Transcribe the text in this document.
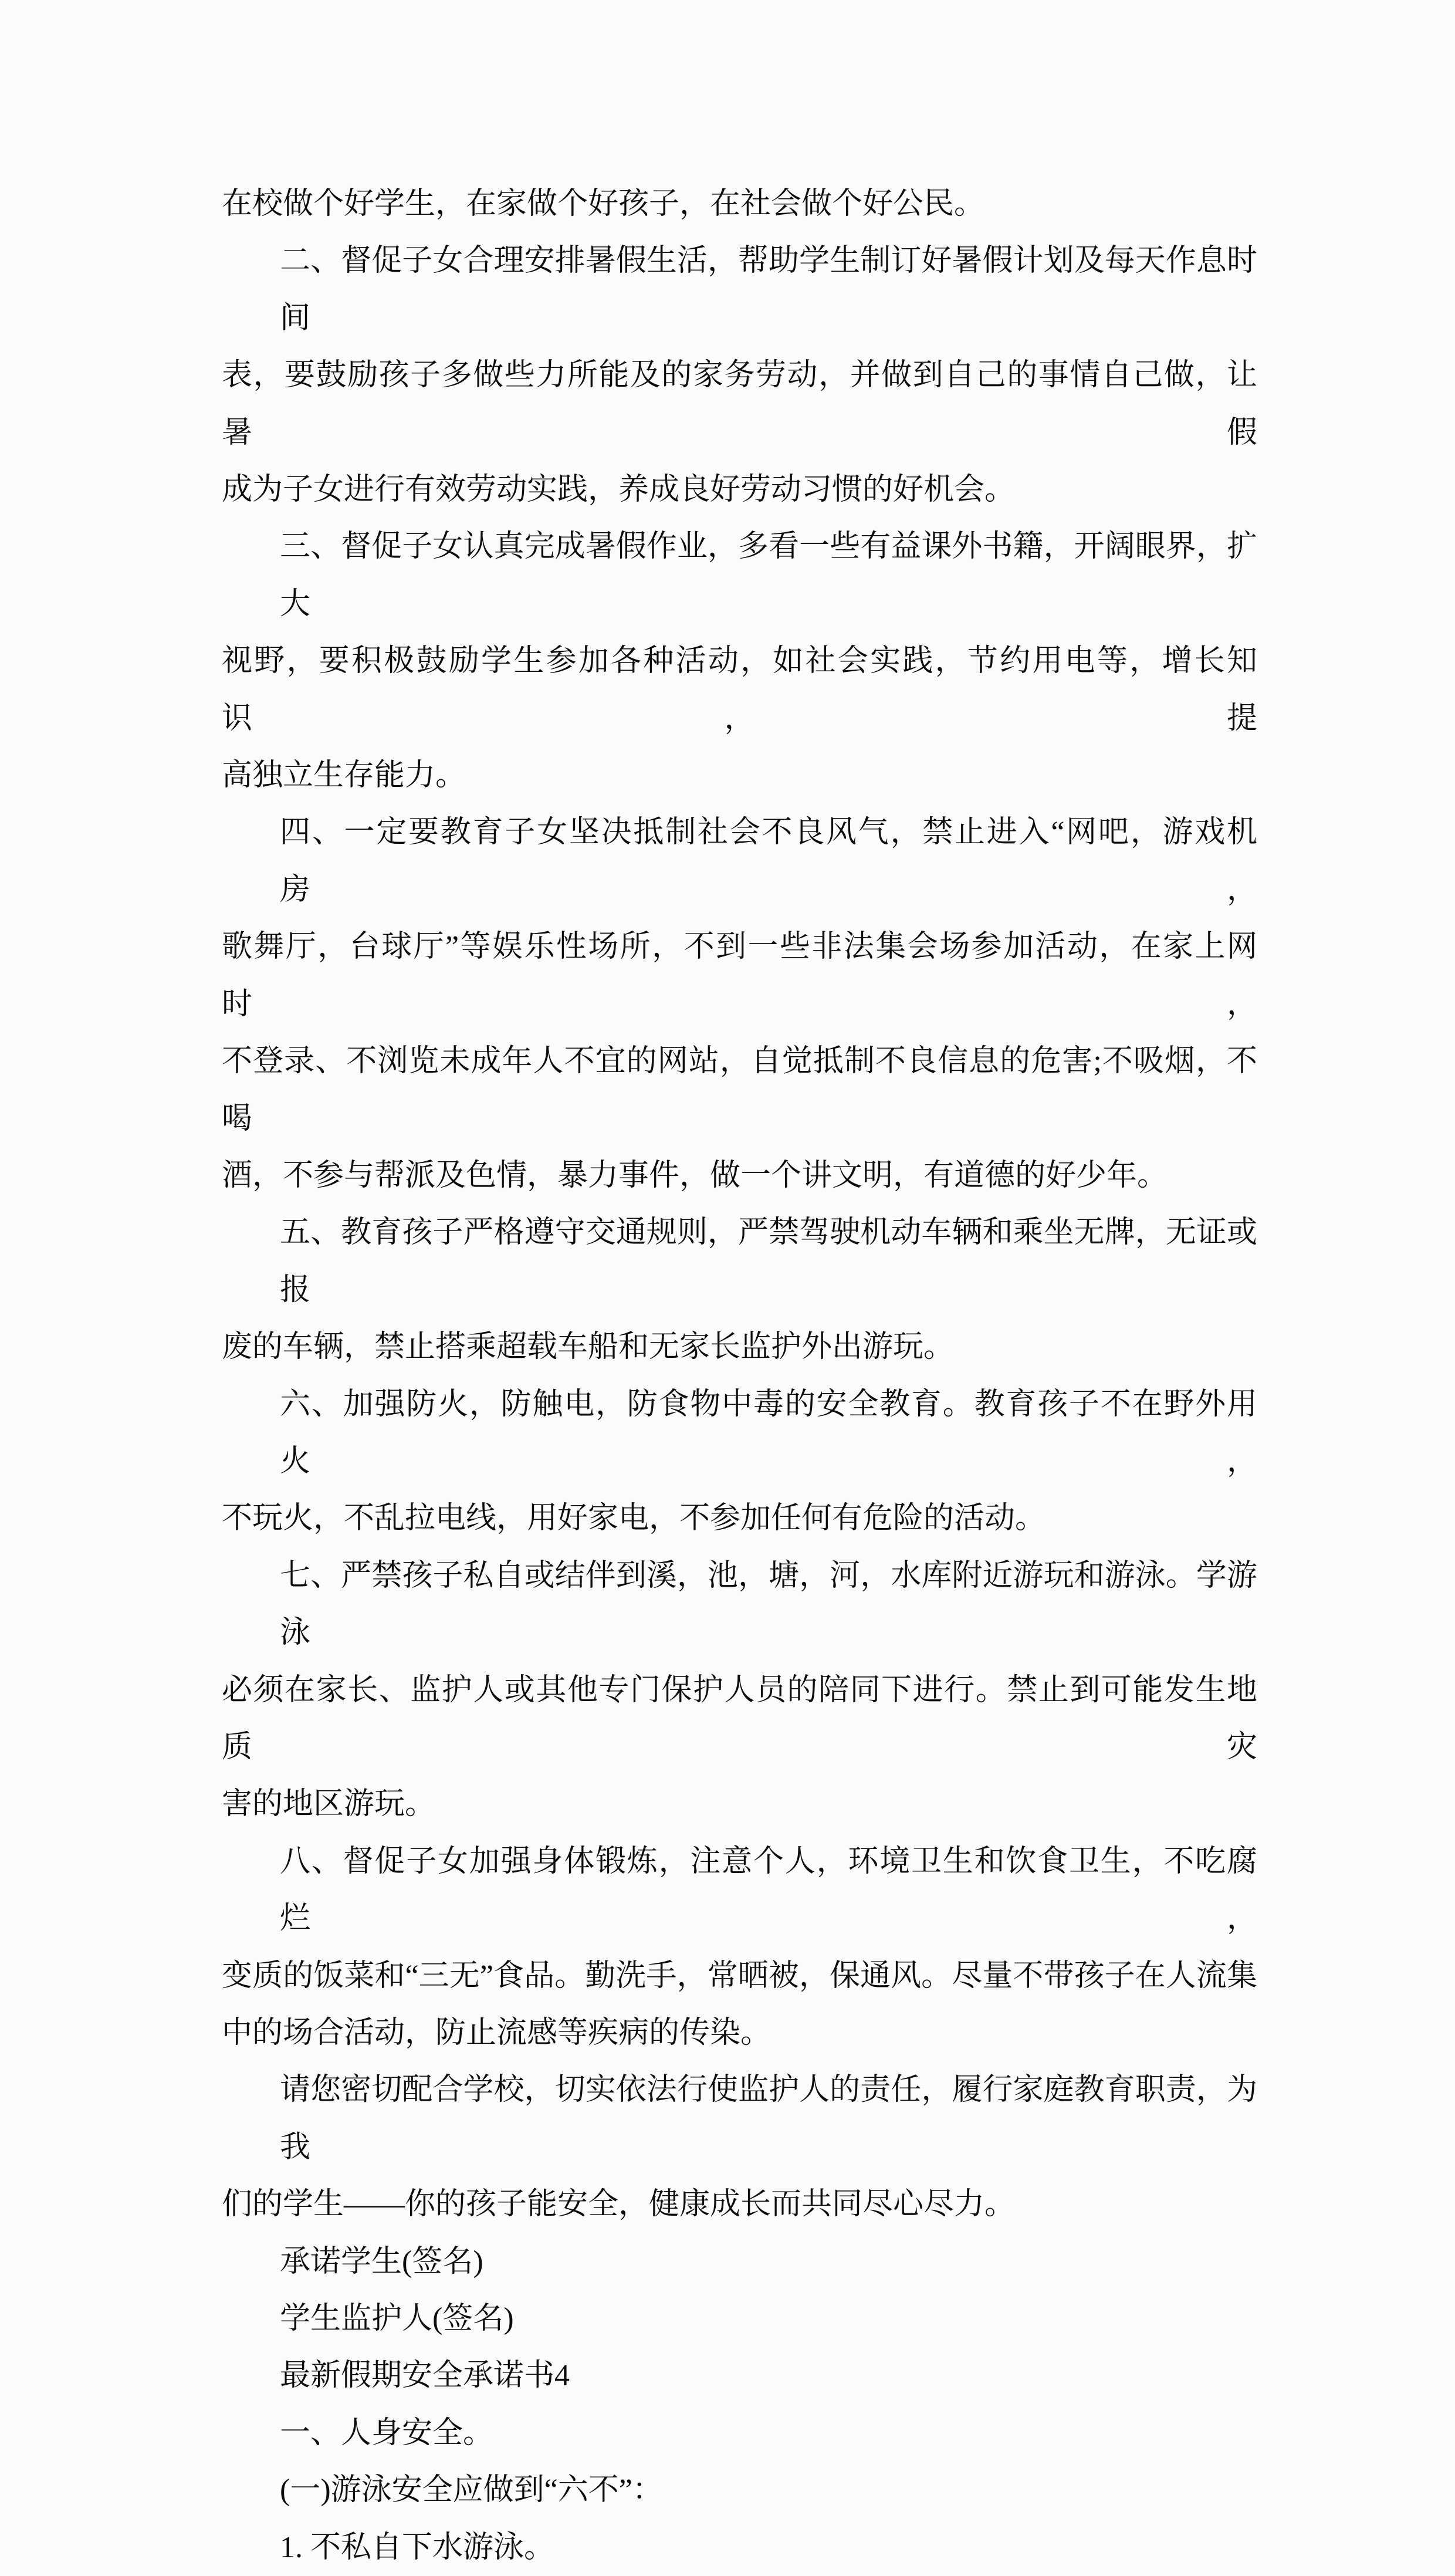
在校做个好学生，在家做个好孩子，在社会做个好公民。
二、督促子女合理安排暑假生活，帮助学生制订好暑假计划及每天作息时间
表，要鼓励孩子多做些力所能及的家务劳动，并做到自己的事情自己做，让暑假
成为子女进行有效劳动实践，养成良好劳动习惯的好机会。
三、督促子女认真完成暑假作业，多看一些有益课外书籍，开阔眼界，扩大
视野，要积极鼓励学生参加各种活动，如社会实践，节约用电等，增长知识，提
高独立生存能力。
四、一定要教育子女坚决抵制社会不良风气，禁止进入“网吧，游戏机房，
歌舞厅，台球厅”等娱乐性场所，不到一些非法集会场参加活动，在家上网时，
不登录、不浏览未成年人不宜的网站，自觉抵制不良信息的危害;不吸烟，不喝
酒，不参与帮派及色情，暴力事件，做一个讲文明，有道德的好少年。
五、教育孩子严格遵守交通规则，严禁驾驶机动车辆和乘坐无牌，无证或报
废的车辆，禁止搭乘超载车船和无家长监护外出游玩。
六、加强防火，防触电，防食物中毒的安全教育。教育孩子不在野外用火，
不玩火，不乱拉电线，用好家电，不参加任何有危险的活动。
七、严禁孩子私自或结伴到溪，池，塘，河，水库附近游玩和游泳。学游泳
必须在家长、监护人或其他专门保护人员的陪同下进行。禁止到可能发生地质灾
害的地区游玩。
八、督促子女加强身体锻炼，注意个人，环境卫生和饮食卫生，不吃腐烂，
变质的饭菜和“三无”食品。勤洗手，常晒被，保通风。尽量不带孩子在人流集
中的场合活动，防止流感等疾病的传染。
请您密切配合学校，切实依法行使监护人的责任，履行家庭教育职责，为我
们的学生——你的孩子能安全，健康成长而共同尽心尽力。
承诺学生(签名)
学生监护人(签名)
最新假期安全承诺书4
一、人身安全。
(一)游泳安全应做到“六不”：
1. 不私自下水游泳。
